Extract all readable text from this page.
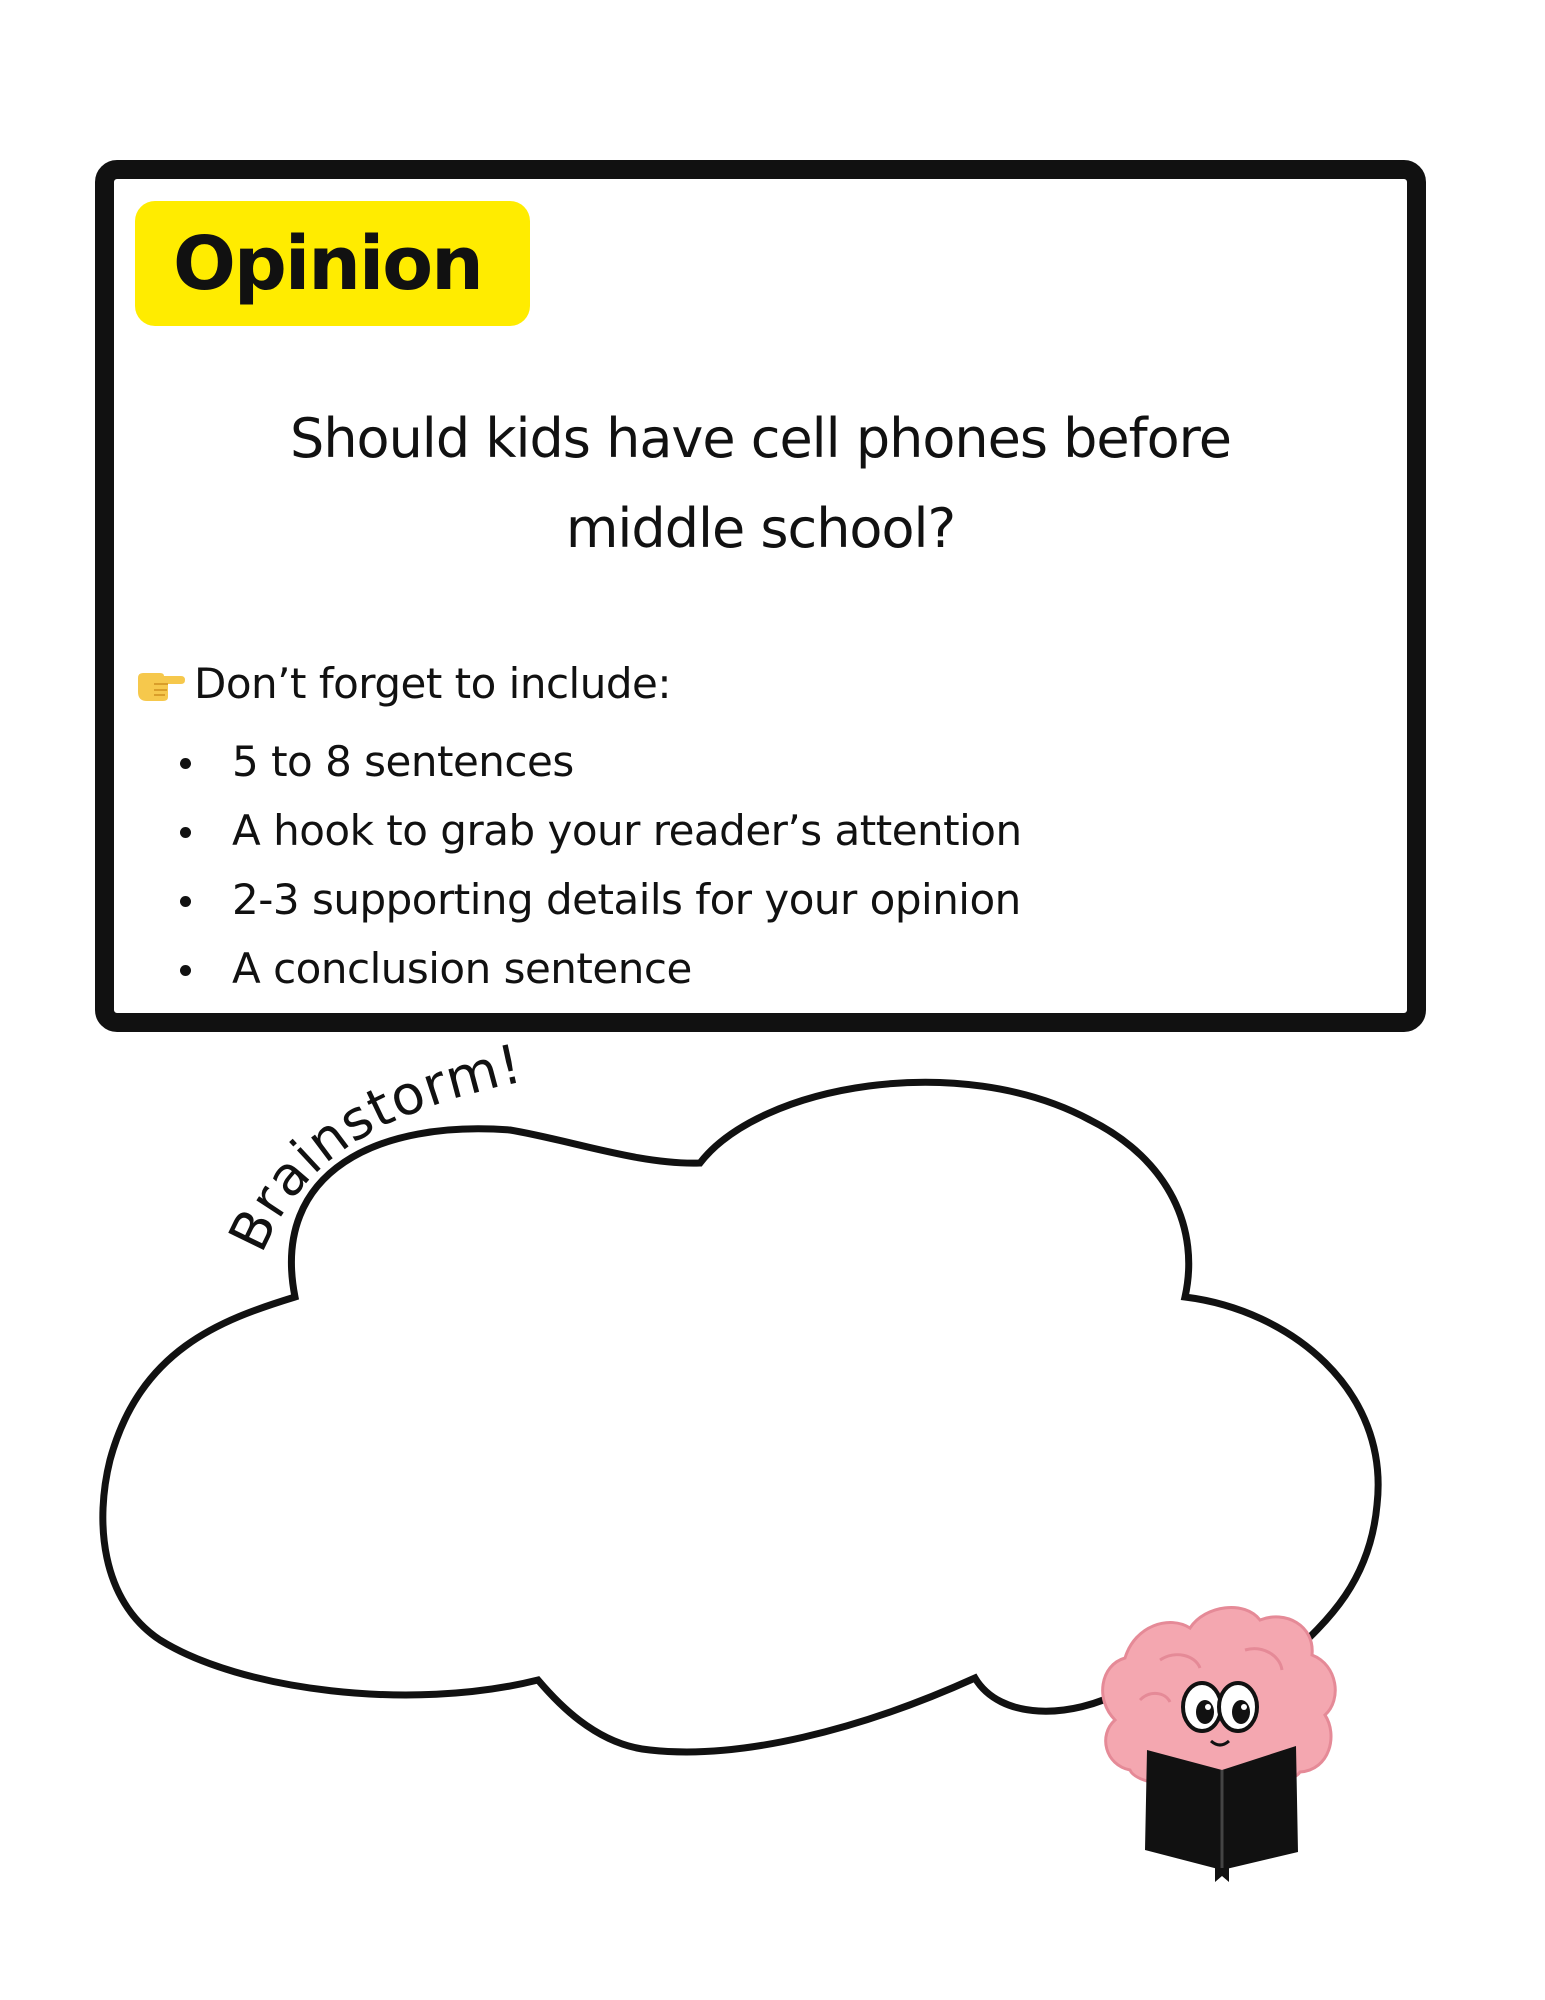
Opinion
Should kids have cell phones before
middle school?
Don’t forget to include:
5 to 8 sentences
A hook to grab your reader’s attention
2-3 supporting details for your opinion
A conclusion sentence
Brainstorm!
